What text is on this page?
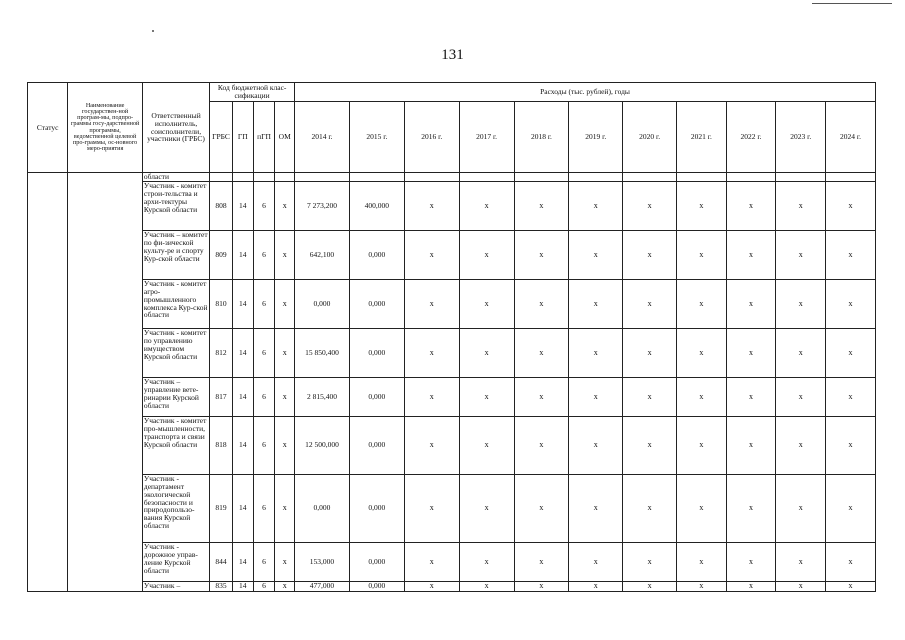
131
Статус	Наименование государствен-ной програм-мы, подпро-граммы госу-дарственной программы, ведомственной целевой про-граммы, ос-новного меро-приятия	Ответственный исполнитель, соисполнители, участники (ГРБС)	Код бюджетной клас-сификации				Расходы (тыс. рублей), годы										
			ГРБС	ГП	пГП	ОМ	2014 г.	2015 г.	2016 г.	2017 г.	2018 г.	2019 г.	2020 г.	2021 г.	2022 г.	2023 г.	2024 г.
		области															
		Участник - комитет строи-тельства и архи-тектуры Курской области	808	14	6	х	7 273,200	400,000	х	х	х	х	х	х	х	х	х
		Участник – комитет по фи-зической культу-ре и спорту Кур-ской области	809	14	6	х	642,100	0,000	х	х	х	х	х	х	х	х	х
		Участник - комитет агро-промышленного комплекса Кур-ской области	810	14	6	х	0,000	0,000	х	х	х	х	х	х	х	х	х
		Участник - комитет по управлению имуществом Курской области	812	14	6	х	15 850,400	0,000	х	х	х	х	х	х	х	х	х
		Участник – управление вете-ринарии Курской области	817	14	6	х	2 815,400	0,000	х	х	х	х	х	х	х	х	х
		Участник - комитет про-мышленности, транспорта и связи Курской области	818	14	6	х	12 500,000	0,000	х	х	х	х	х	х	х	х	х
		Участник - департамент экологической безопасности и природопользо-вания Курской области	819	14	6	х	0,000	0,000	х	х	х	х	х	х	х	х	х
		Участник - дорожное управ-ление Курской области	844	14	6	х	153,000	0,000	х	х	х	х	х	х	х	х	х
		Участник –	835	14	6	х	477,000	0,000	х	х	х	х	х	х	х	х	х
